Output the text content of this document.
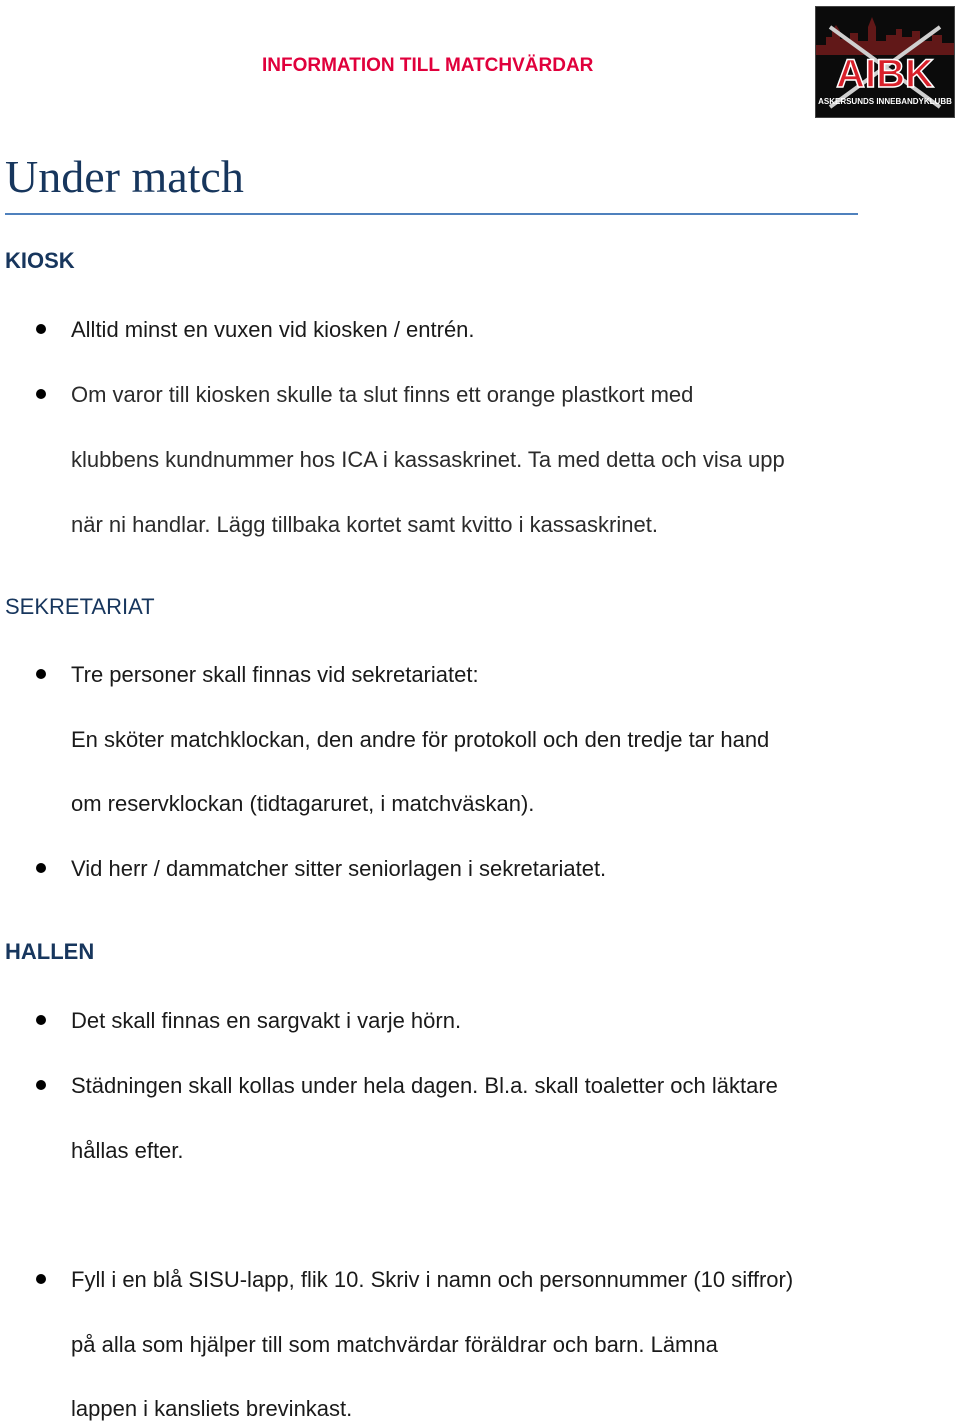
INFORMATION TILL MATCHVÄRDAR	AIBK
ASKERSUNDS INNEBANDYKLUBB
Under match
KIOSK
Alltid minst en vuxen vid kiosken / entrén.
Om varor till kiosken skulle ta slut finns ett orange plastkort med
klubbens kundnummer hos ICA i kassaskrinet. Ta med detta och visa upp
när ni handlar. Lägg tillbaka kortet samt kvitto i kassaskrinet.
SEKRETARIAT
Tre personer skall finnas vid sekretariatet:
En sköter matchklockan, den andre för protokoll och den tredje tar hand
om reservklockan (tidtagaruret, i matchväskan).
Vid herr / dammatcher sitter seniorlagen i sekretariatet.
HALLEN
Det skall finnas en sargvakt i varje hörn.
Städningen skall kollas under hela dagen. Bl.a. skall toaletter och läktare
hållas efter.
Fyll i en blå SISU-lapp, flik 10. Skriv i namn och personnummer (10 siffror)
på alla som hjälper till som matchvärdar föräldrar och barn. Lämna
lappen i kansliets brevinkast.
